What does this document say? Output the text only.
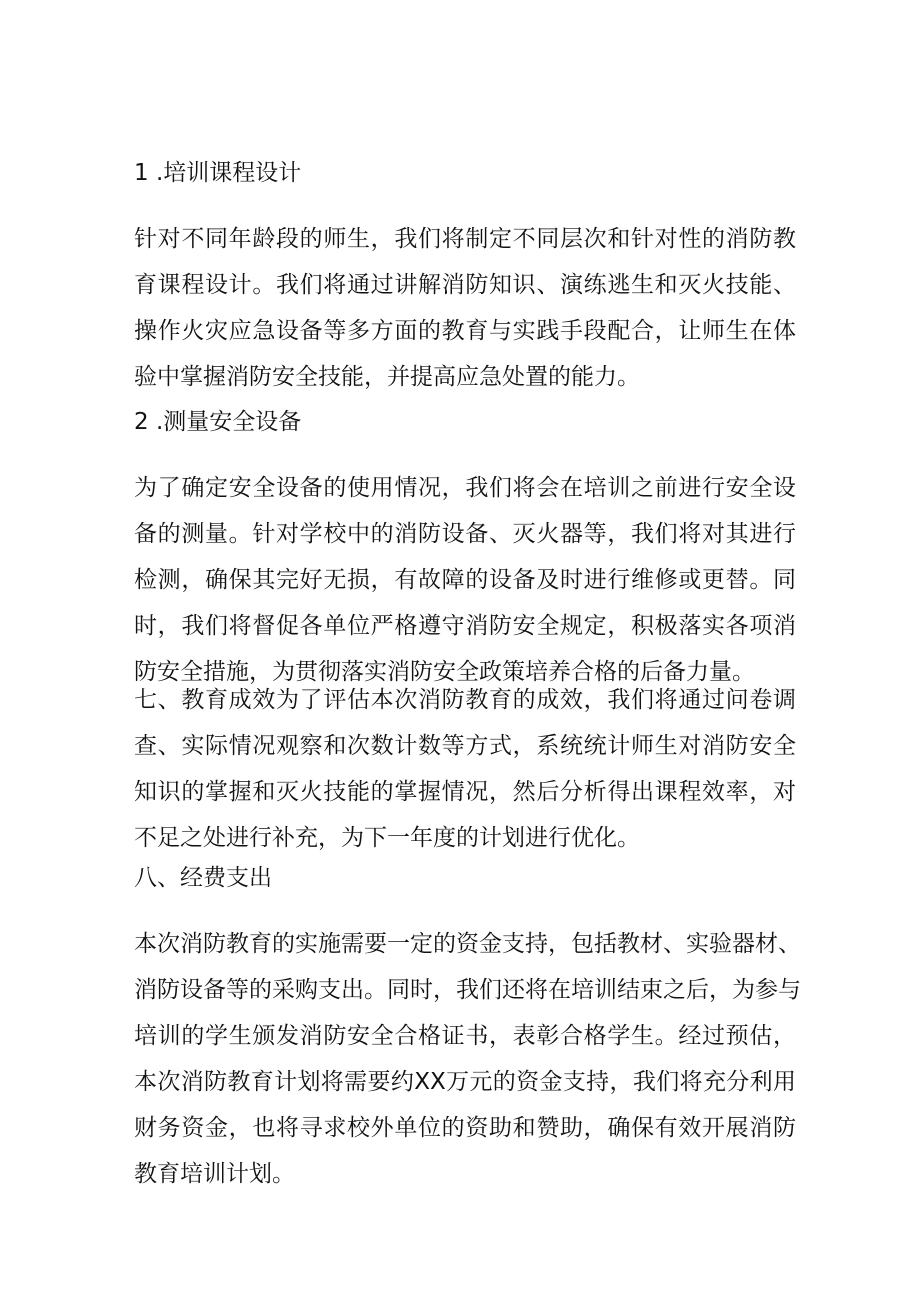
1 .培训课程设计
针对不同年龄段的师生，我们将制定不同层次和针对性的消防教
育课程设计。我们将通过讲解消防知识、演练逃生和灭火技能、
操作火灾应急设备等多方面的教育与实践手段配合，让师生在体
验中掌握消防安全技能，并提高应急处置的能力。
2 .测量安全设备
为了确定安全设备的使用情况，我们将会在培训之前进行安全设
备的测量。针对学校中的消防设备、灭火器等，我们将对其进行
检测，确保其完好无损，有故障的设备及时进行维修或更替。同
时，我们将督促各单位严格遵守消防安全规定，积极落实各项消
防安全措施，为贯彻落实消防安全政策培养合格的后备力量。
七、教育成效为了评估本次消防教育的成效，我们将通过问卷调
查、实际情况观察和次数计数等方式，系统统计师生对消防安全
知识的掌握和灭火技能的掌握情况，然后分析得出课程效率，对
不足之处进行补充，为下一年度的计划进行优化。
八、经费支出
本次消防教育的实施需要一定的资金支持，包括教材、实验器材、
消防设备等的采购支出。同时，我们还将在培训结束之后，为参与
培训的学生颁发消防安全合格证书，表彰合格学生。经过预估，
本次消防教育计划将需要约XX万元的资金支持，我们将充分利用
财务资金，也将寻求校外单位的资助和赞助，确保有效开展消防
教育培训计划。
